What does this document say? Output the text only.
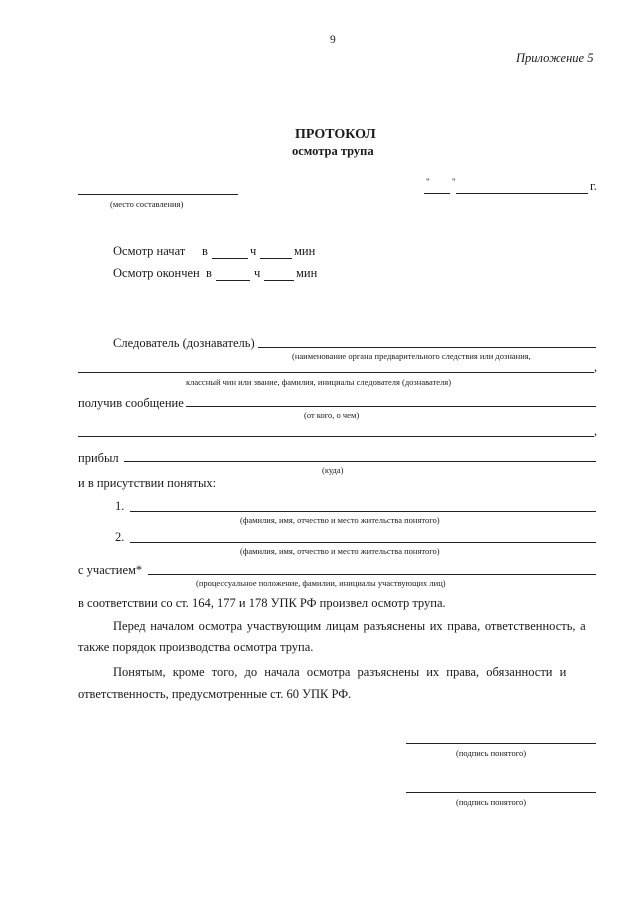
9
Приложение 5
ПРОТОКОЛ
осмотра трупа
(место составления)
" "	г.
Осмотр начат в	ч	мин
Осмотр окончен в	ч	мин
Следователь (дознаватель)
(наименование органа предварительного следствия или дознания,
,
классный чин или звание, фамилия, инициалы следователя (дознавателя)
получив сообщение
(от кого, о чем)
,
прибыл
(куда)
и в присутствии понятых:
1.
(фамилия, имя, отчество и место жительства понятого)
2.
(фамилия, имя, отчество и место жительства понятого)
с участием*
(процессуальное положение, фамилии, инициалы участвующих лиц)
в соответствии со ст. 164, 177 и 178 УПК РФ произвел осмотр трупа.
Перед началом осмотра участвующим лицам разъяснены их права, ответственность, а
также порядок производства осмотра трупа.
Понятым, кроме того, до начала осмотра разъяснены их права, обязанности и
ответственность, предусмотренные ст. 60 УПК РФ.
(подпись понятого)
(подпись понятого)
